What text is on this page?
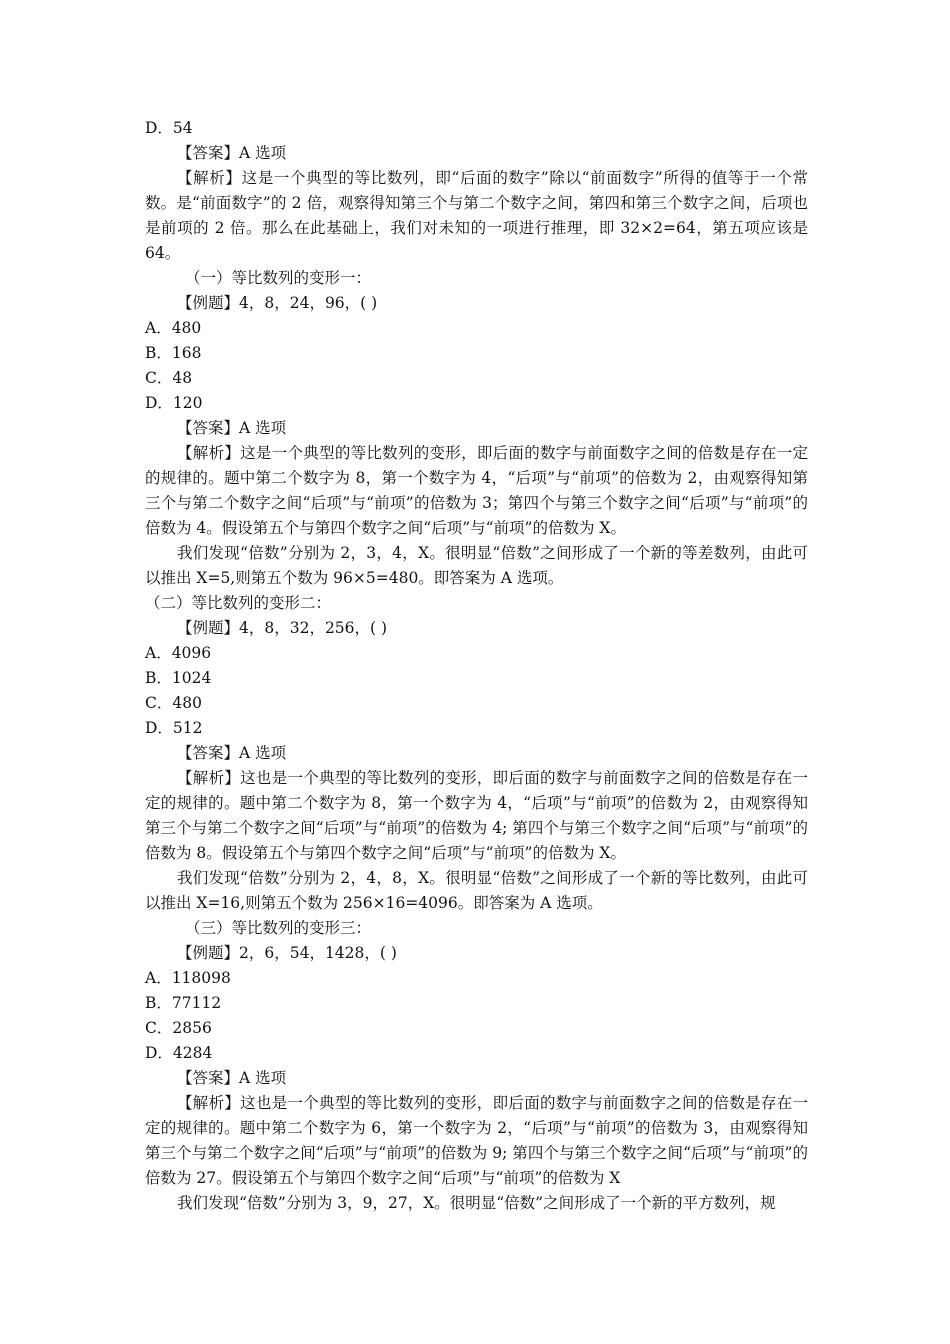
D．54
【答案】A 选项

【解析】这是一个典型的等比数列，即“后面的数字”除以“前面数字”所得的值等于一个常数。是“前面数字”的 2 倍，观察得知第三个与第二个数字之间，第四和第三个数字之间，后项也是前项的 2 倍。那么在此基础上，我们对未知的一项进行推理，即 32×2=64，第五项应该是 64。

（一）等比数列的变形一：
【例题】4，8，24，96，( )
A．480
B．168
C．48
D．120
【答案】A 选项

【解析】这是一个典型的等比数列的变形，即后面的数字与前面数字之间的倍数是存在一定的规律的。题中第二个数字为 8，第一个数字为 4，“后项”与“前项”的倍数为 2，由观察得知第三个与第二个数字之间“后项”与“前项”的倍数为 3；第四个与第三个数字之间“后项”与“前项”的倍数为 4。假设第五个与第四个数字之间“后项”与“前项”的倍数为 X。

我们发现“倍数”分别为 2，3，4，X。很明显“倍数”之间形成了一个新的等差数列，由此可以推出 X=5,则第五个数为 96×5=480。即答案为 A 选项。

（二）等比数列的变形二：
【例题】4，8，32，256，( )
A．4096
B．1024
C．480
D．512
【答案】A 选项

【解析】这也是一个典型的等比数列的变形，即后面的数字与前面数字之间的倍数是存在一定的规律的。题中第二个数字为 8，第一个数字为 4，“后项”与“前项”的倍数为 2，由观察得知第三个与第二个数字之间“后项”与“前项”的倍数为 4; 第四个与第三个数字之间“后项”与“前项”的倍数为 8。假设第五个与第四个数字之间“后项”与“前项”的倍数为 X。

我们发现“倍数”分别为 2，4，8，X。很明显“倍数”之间形成了一个新的等比数列，由此可以推出 X=16,则第五个数为 256×16=4096。即答案为 A 选项。

（三）等比数列的变形三：
【例题】2，6，54，1428，( )
A．118098
B．77112
C．2856
D．4284
【答案】A 选项

【解析】这也是一个典型的等比数列的变形，即后面的数字与前面数字之间的倍数是存在一定的规律的。题中第二个数字为 6，第一个数字为 2，“后项”与“前项”的倍数为 3，由观察得知第三个与第二个数字之间“后项”与“前项”的倍数为 9; 第四个与第三个数字之间“后项”与“前项”的倍数为 27。假设第五个与第四个数字之间“后项”与“前项”的倍数为 X

我们发现“倍数”分别为 3，9，27，X。很明显“倍数”之间形成了一个新的平方数列，规
